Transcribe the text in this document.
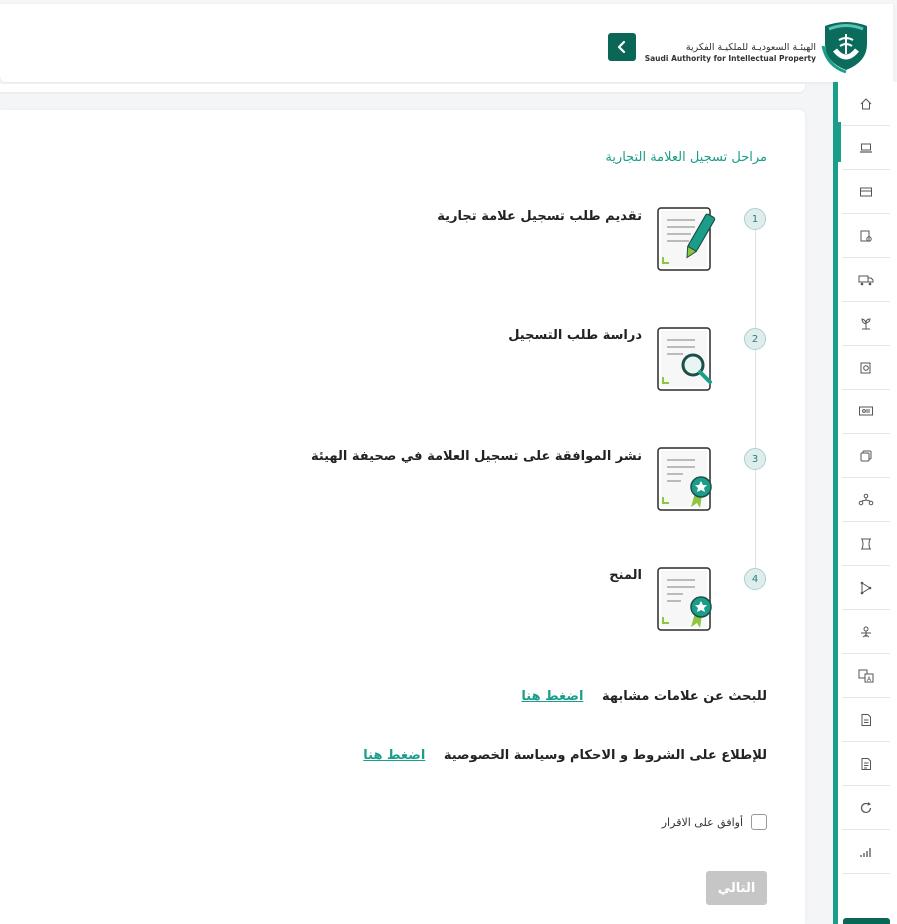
الهيئـة السعوديـة للملكيـة الفكرية
Saudi Authority for Intellectual Property
مراحل تسجيل العلامة التجارية
1
تقديم طلب تسجيل علامة تجارية
2
دراسة طلب التسجيل
3
نشر الموافقة على تسجيل العلامة في صحيفة الهيئة
4
المنح
للبحث عن علامات مشابهة اضغط هنا
للإطلاع على الشروط و الاحكام وسياسة الخصوصية اضغط هنا
أوافق على الاقرار
التالي
A
